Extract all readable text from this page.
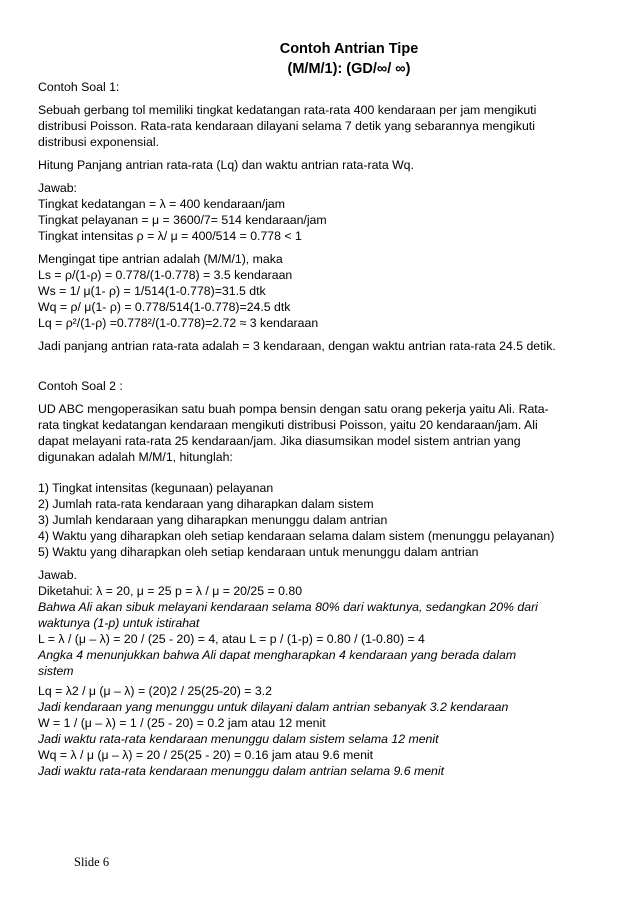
Contoh Antrian Tipe
(M/M/1): (GD/∞/ ∞)

Contoh Soal 1:

Sebuah gerbang tol memiliki tingkat kedatangan rata-rata 400 kendaraan per jam mengikuti

distribusi Poisson. Rata-rata kendaraan dilayani selama 7 detik yang sebarannya mengikuti

distribusi exponensial.

Hitung Panjang antrian rata-rata (Lq) dan waktu antrian rata-rata Wq.

Jawab:

Tingkat kedatangan = λ = 400 kendaraan/jam

Tingkat pelayanan = μ = 3600/7= 514 kendaraan/jam

Tingkat intensitas ρ = λ/ μ = 400/514 = 0.778 < 1

Mengingat tipe antrian adalah (M/M/1), maka

Ls = ρ/(1-ρ) = 0.778/(1-0.778) = 3.5 kendaraan

Ws = 1/ μ(1- ρ) = 1/514(1-0.778)=31.5 dtk

Wq = ρ/ μ(1- ρ) = 0.778/514(1-0.778)=24.5 dtk

Lq = ρ²/(1-ρ) =0.778²/(1-0.778)=2.72 ≈ 3 kendaraan

Jadi panjang antrian rata-rata adalah = 3 kendaraan, dengan waktu antrian rata-rata 24.5 detik.

Contoh Soal 2 :

UD ABC mengoperasikan satu buah pompa bensin dengan satu orang pekerja yaitu Ali. Rata-

rata tingkat kedatangan kendaraan mengikuti distribusi Poisson, yaitu 20 kendaraan/jam. Ali

dapat melayani rata-rata 25 kendaraan/jam. Jika diasumsikan model sistem antrian yang

digunakan adalah M/M/1, hitunglah:

1) Tingkat intensitas (kegunaan) pelayanan

2) Jumlah rata-rata kendaraan yang diharapkan dalam sistem

3) Jumlah kendaraan yang diharapkan menunggu dalam antrian

4) Waktu yang diharapkan oleh setiap kendaraan selama dalam sistem (menunggu pelayanan)

5) Waktu yang diharapkan oleh setiap kendaraan untuk menunggu dalam antrian

Jawab.

Diketahui: λ = 20, μ = 25 p = λ / μ = 20/25 = 0.80

Bahwa Ali akan sibuk melayani kendaraan selama 80% dari waktunya, sedangkan 20% dari

waktunya (1-p) untuk istirahat

L = λ / (μ – λ) = 20 / (25 - 20) = 4, atau L = p / (1-p) = 0.80 / (1-0.80) = 4

Angka 4 menunjukkan bahwa Ali dapat mengharapkan 4 kendaraan yang berada dalam

sistem

Lq = λ2 / μ (μ – λ) = (20)2 / 25(25-20) = 3.2

Jadi kendaraan yang menunggu untuk dilayani dalam antrian sebanyak 3.2 kendaraan

W = 1 / (μ – λ) = 1 / (25 - 20) = 0.2 jam atau 12 menit

Jadi waktu rata-rata kendaraan menunggu dalam sistem selama 12 menit

Wq = λ / μ (μ – λ) = 20 / 25(25 - 20) = 0.16 jam atau 9.6 menit

Jadi waktu rata-rata kendaraan menunggu dalam antrian selama 9.6 menit

Slide 6
